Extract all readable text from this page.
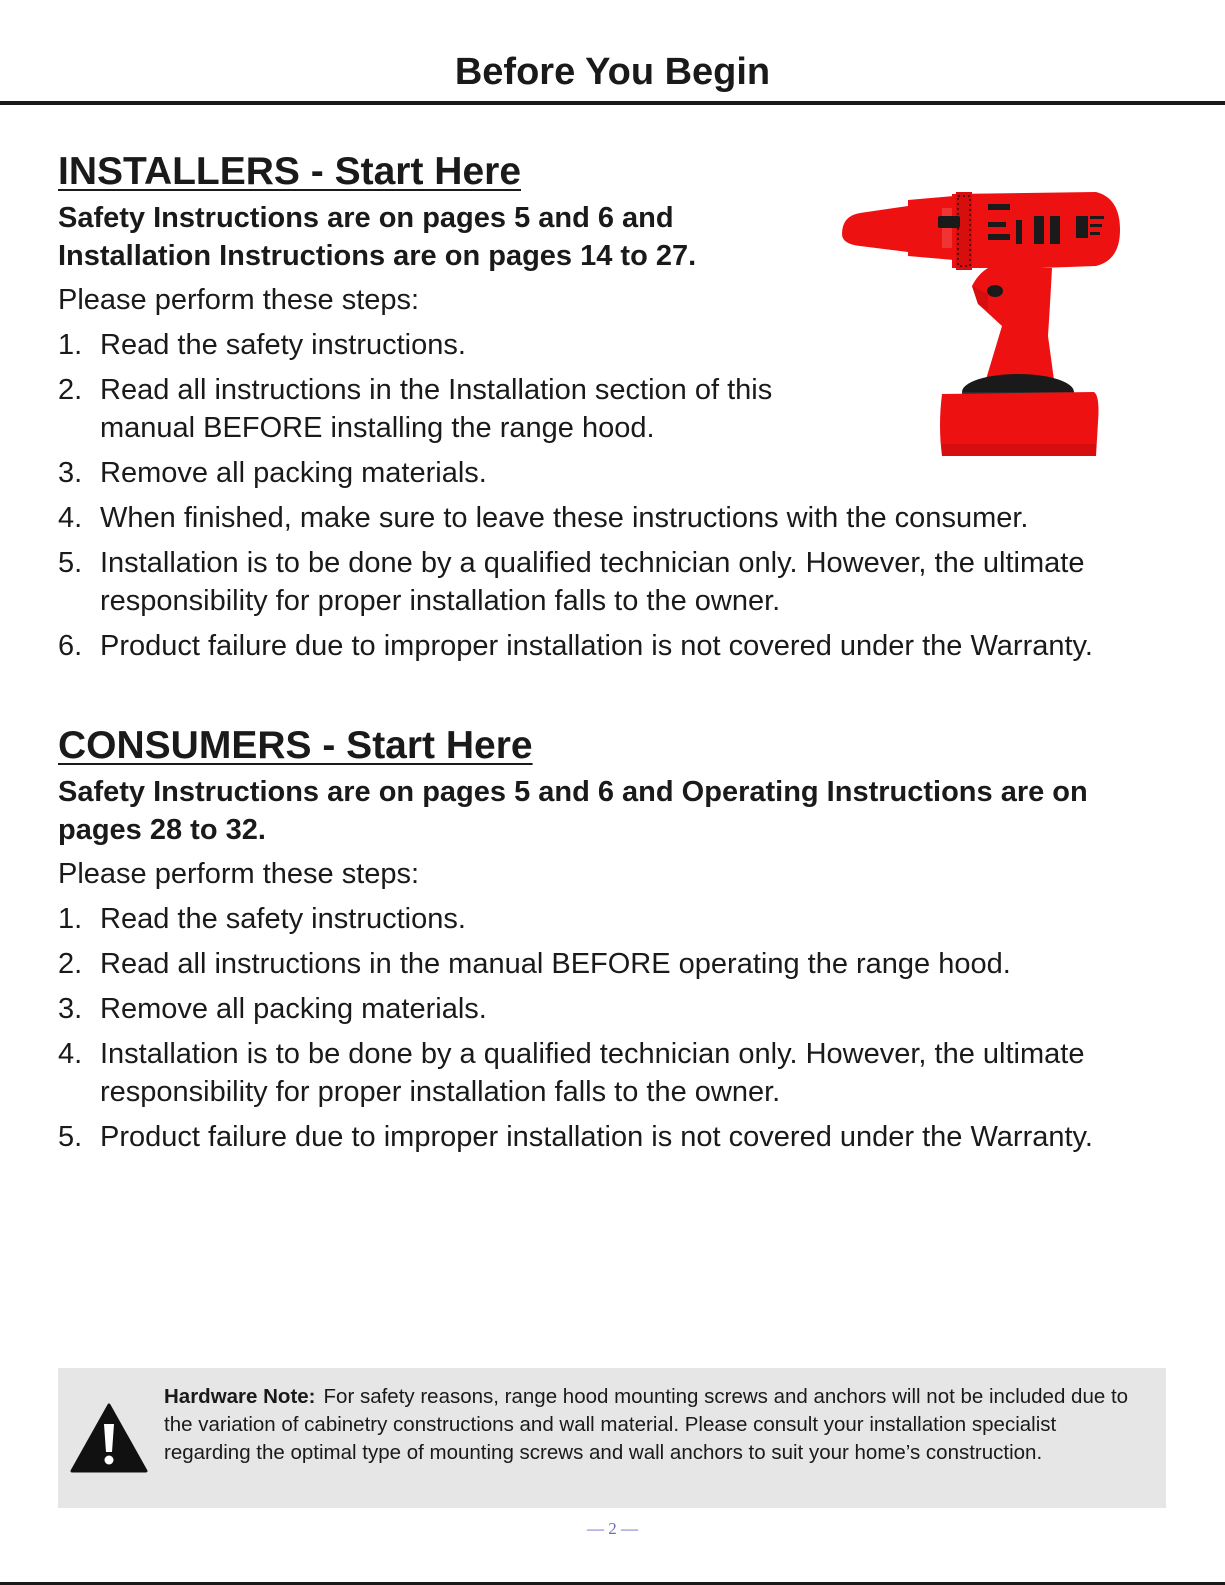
Before You Begin
INSTALLERS - Start Here

Safety Instructions are on pages 5 and 6 and Installation Instructions are on pages 14 to 27.

Please perform these steps:

1. Read the safety instructions.
2. Read all instructions in the Installation section of this manual BEFORE installing the range hood.
3. Remove all packing materials.
4. When finished, make sure to leave these instructions with the consumer.
5. Installation is to be done by a qualified technician only. However, the ultimate responsibility for proper installation falls to the owner.
6. Product failure due to improper installation is not covered under the Warranty.
CONSUMERS - Start Here

Safety Instructions are on pages 5 and 6 and Operating Instructions are on pages 28 to 32.

Please perform these steps:

1. Read the safety instructions.
2. Read all instructions in the manual BEFORE operating the range hood.
3. Remove all packing materials.
4. Installation is to be done by a qualified technician only. However, the ultimate responsibility for proper installation falls to the owner.
5. Product failure due to improper installation is not covered under the Warranty.

Hardware Note: For safety reasons, range hood mounting screws and anchors will not be included due to the variation of cabinetry constructions and wall material. Please consult your installation specialist regarding the optimal type of mounting screws and wall anchors to suit your home’s construction.

— 2 —
